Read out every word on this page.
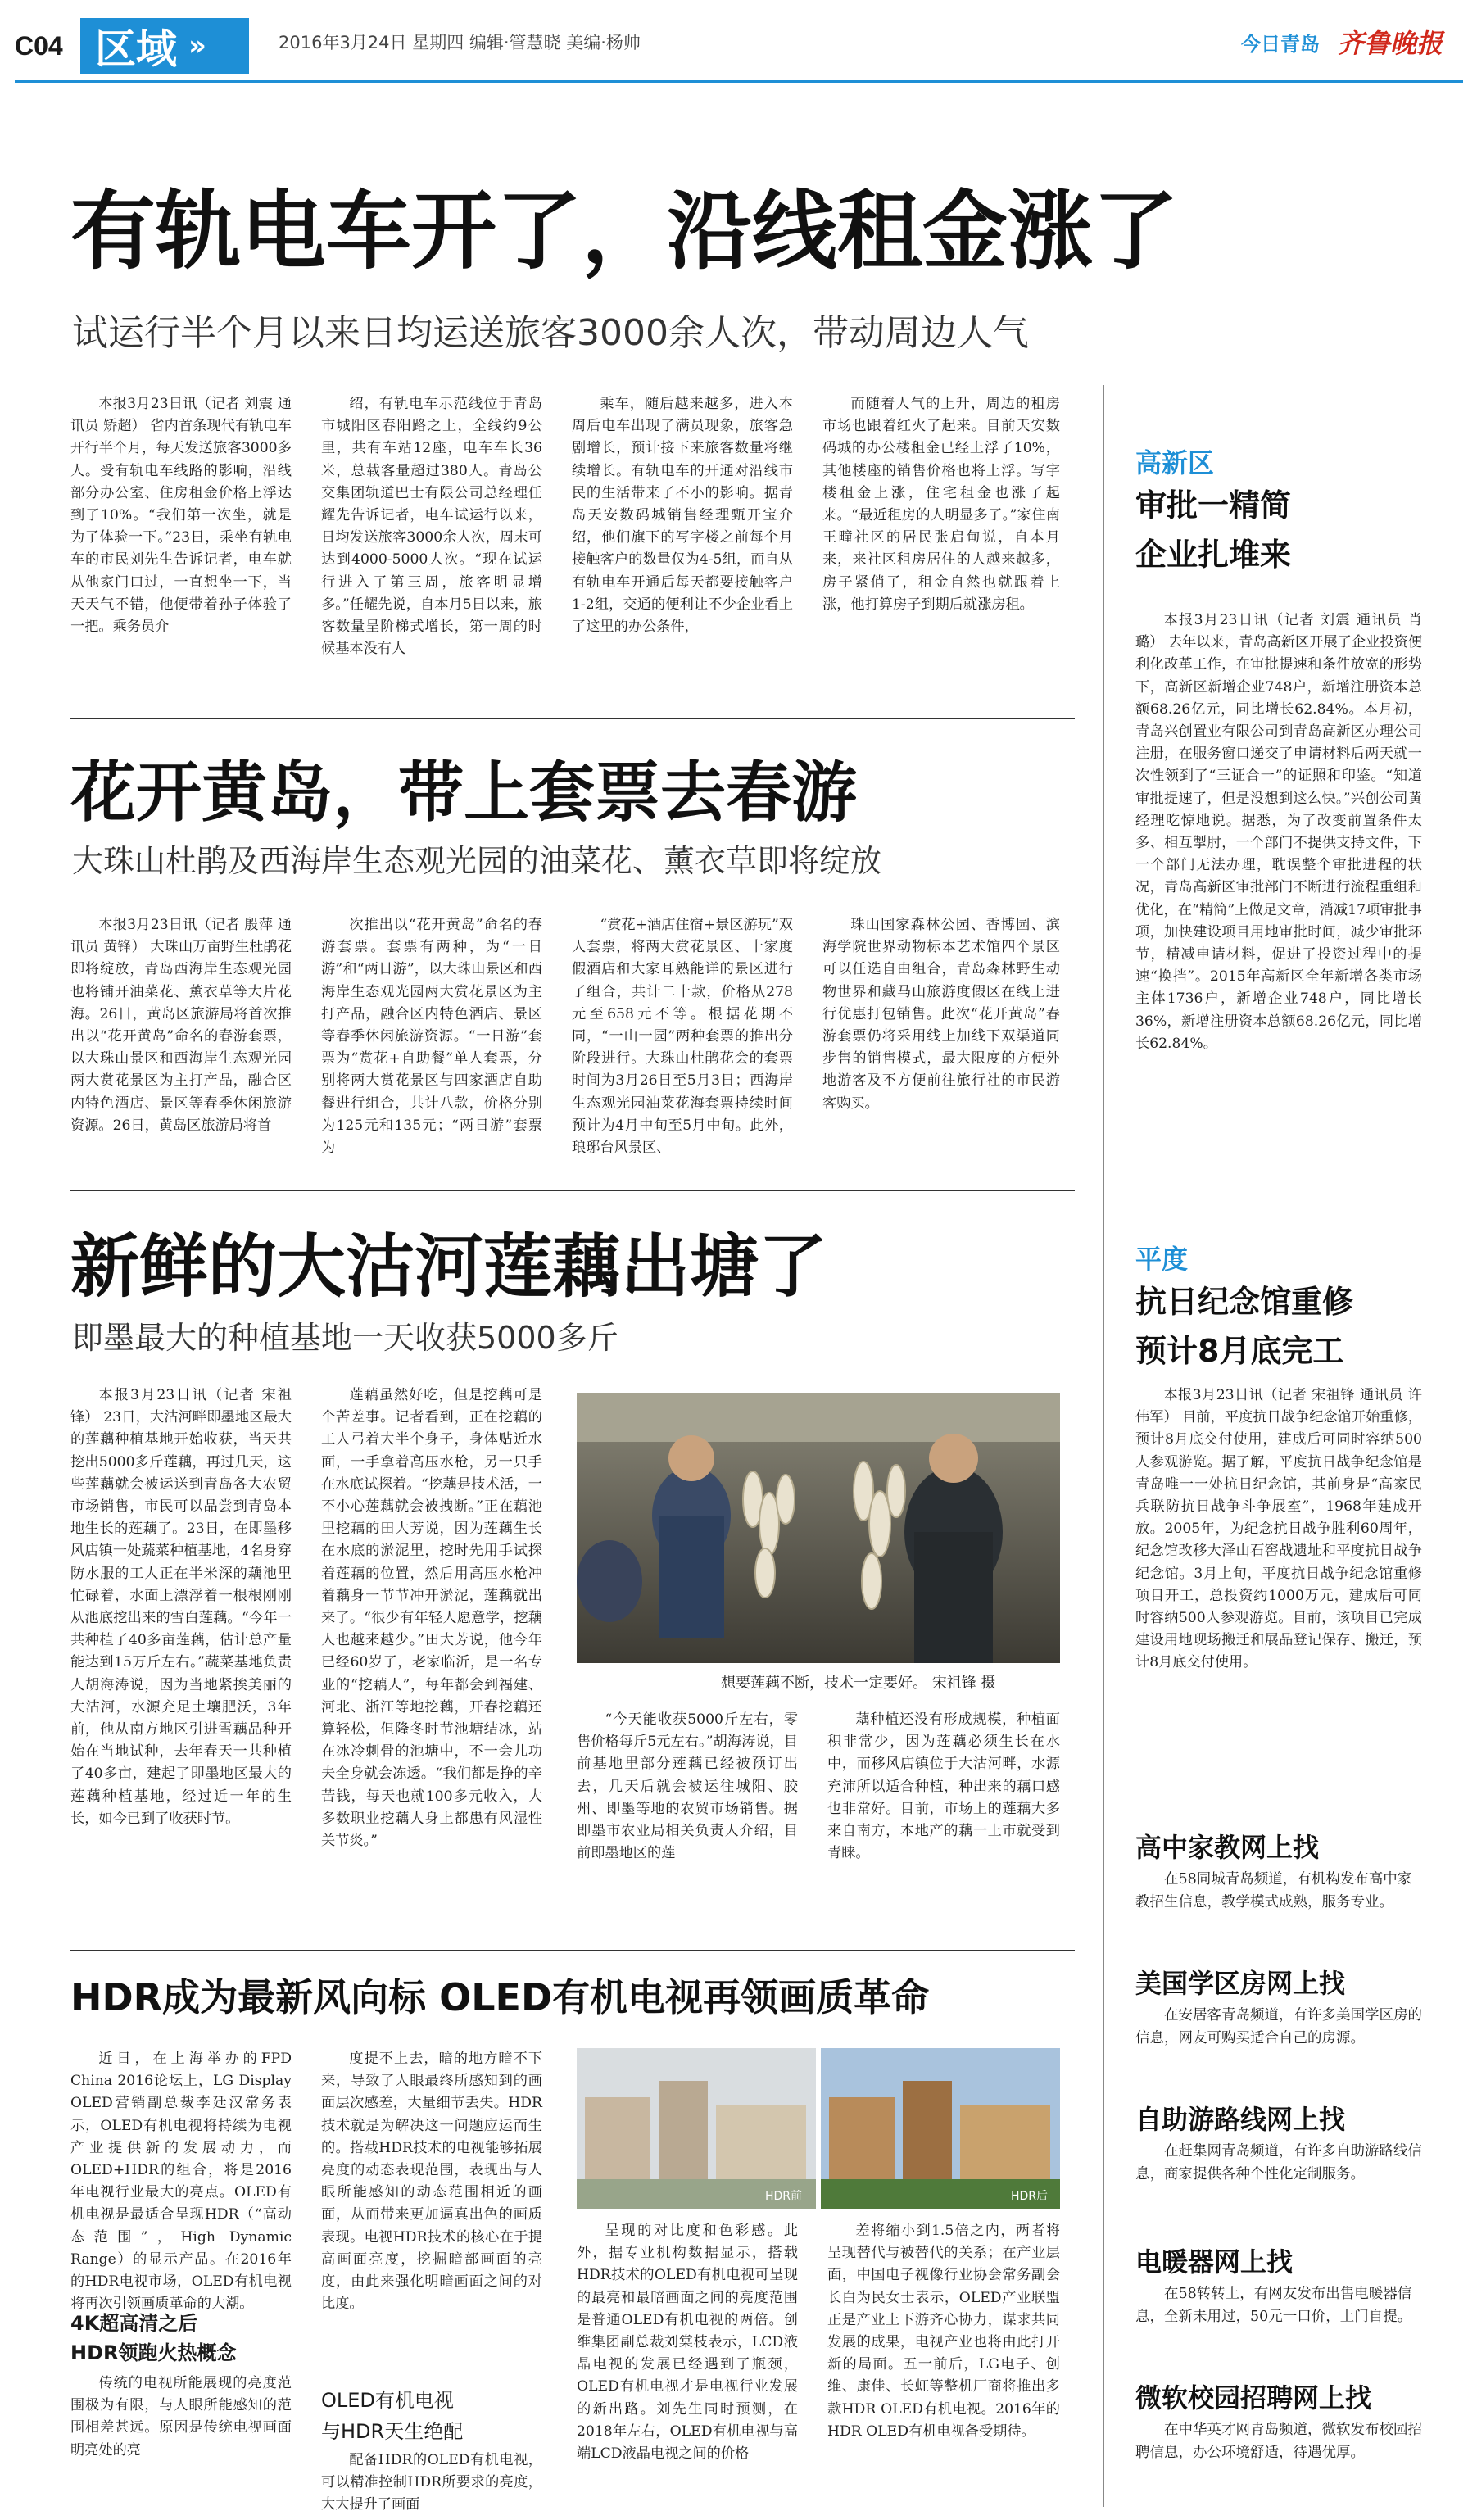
C04 区域 »	2016年3月24日 星期四 编辑·管慧晓 美编·杨帅	今日青岛 齐鲁晚报
有轨电车开了，沿线租金涨了
试运行半个月以来日均运送旅客3000余人次，带动周边人气

本报3月23日讯（记者 刘震 通讯员 矫超） 省内首条现代有轨电车开行半个月，每天发送旅客3000多人。受有轨电车线路的影响，沿线部分办公室、住房租金价格上浮达到了10%。“我们第一次坐，就是为了体验一下。”23日，乘坐有轨电车的市民刘先生告诉记者，电车就从他家门口过，一直想坐一下，当天天气不错，他便带着孙子体验了一把。乘务员介

绍，有轨电车示范线位于青岛市城阳区春阳路之上，全线约9公里，共有车站12座，电车车长36米，总载客量超过380人。青岛公交集团轨道巴士有限公司总经理任耀先告诉记者，电车试运行以来，日均发送旅客3000余人次，周末可达到4000-5000人次。“现在试运行进入了第三周，旅客明显增多。”任耀先说，自本月5日以来，旅客数量呈阶梯式增长，第一周的时候基本没有人

乘车，随后越来越多，进入本周后电车出现了满员现象，旅客急剧增长，预计接下来旅客数量将继续增长。有轨电车的开通对沿线市民的生活带来了不小的影响。据青岛天安数码城销售经理甄开宝介绍，他们旗下的写字楼之前每个月接触客户的数量仅为4-5组，而自从有轨电车开通后每天都要接触客户1-2组，交通的便利让不少企业看上了这里的办公条件，

而随着人气的上升，周边的租房市场也跟着红火了起来。目前天安数码城的办公楼租金已经上浮了10%，其他楼座的销售价格也将上浮。写字楼租金上涨，住宅租金也涨了起来。“最近租房的人明显多了。”家住南王疃社区的居民张启甸说，自本月来，来社区租房居住的人越来越多，房子紧俏了，租金自然也就跟着上涨，他打算房子到期后就涨房租。

花开黄岛，带上套票去春游
大珠山杜鹃及西海岸生态观光园的油菜花、薰衣草即将绽放

本报3月23日讯（记者 殷萍 通讯员 黄锋） 大珠山万亩野生杜鹃花即将绽放，青岛西海岸生态观光园也将铺开油菜花、薰衣草等大片花海。26日，黄岛区旅游局将首次推出以“花开黄岛”命名的春游套票，以大珠山景区和西海岸生态观光园两大赏花景区为主打产品，融合区内特色酒店、景区等春季休闲旅游资源。26日，黄岛区旅游局将首

次推出以“花开黄岛”命名的春游套票。套票有两种，为“一日游”和“两日游”，以大珠山景区和西海岸生态观光园两大赏花景区为主打产品，融合区内特色酒店、景区等春季休闲旅游资源。“一日游”套票为“赏花+自助餐”单人套票，分别将两大赏花景区与四家酒店自助餐进行组合，共计八款，价格分别为125元和135元；“两日游”套票为

“赏花+酒店住宿+景区游玩”双人套票，将两大赏花景区、十家度假酒店和大家耳熟能详的景区进行了组合，共计二十款，价格从278元至658元不等。根据花期不同，“一山一园”两种套票的推出分阶段进行。大珠山杜鹃花会的套票时间为3月26日至5月3日；西海岸生态观光园油菜花海套票持续时间预计为4月中旬至5月中旬。此外，琅琊台风景区、

珠山国家森林公园、香博园、滨海学院世界动物标本艺术馆四个景区可以任选自由组合，青岛森林野生动物世界和藏马山旅游度假区在线上进行优惠打包销售。此次“花开黄岛”春游套票仍将采用线上加线下双渠道同步售的销售模式，最大限度的方便外地游客及不方便前往旅行社的市民游客购买。

新鲜的大沽河莲藕出塘了
即墨最大的种植基地一天收获5000多斤

本报3月23日讯（记者 宋祖锋） 23日，大沽河畔即墨地区最大的莲藕种植基地开始收获，当天共挖出5000多斤莲藕，再过几天，这些莲藕就会被运送到青岛各大农贸市场销售，市民可以品尝到青岛本地生长的莲藕了。23日，在即墨移风店镇一处蔬菜种植基地，4名身穿防水服的工人正在半米深的藕池里忙碌着，水面上漂浮着一根根刚刚从池底挖出来的雪白莲藕。“今年一共种植了40多亩莲藕，估计总产量能达到15万斤左右。”蔬菜基地负责人胡海涛说，因为当地紧挨美丽的大沽河，水源充足土壤肥沃，3年前，他从南方地区引进雪藕品种开始在当地试种，去年春天一共种植了40多亩，建起了即墨地区最大的莲藕种植基地，经过近一年的生长，如今已到了收获时节。

莲藕虽然好吃，但是挖藕可是个苦差事。记者看到，正在挖藕的工人弓着大半个身子，身体贴近水面，一手拿着高压水枪，另一只手在水底试探着。“挖藕是技术活，一不小心莲藕就会被拽断。”正在藕池里挖藕的田大芳说，因为莲藕生长在水底的淤泥里，挖时先用手试探着莲藕的位置，然后用高压水枪冲着藕身一节节冲开淤泥，莲藕就出来了。“很少有年轻人愿意学，挖藕人也越来越少。”田大芳说，他今年已经60岁了，老家临沂，是一名专业的“挖藕人”，每年都会到福建、河北、浙江等地挖藕，开春挖藕还算轻松，但隆冬时节池塘结冰，站在冰冷刺骨的池塘中，不一会儿功夫全身就会冻透。“我们都是挣的辛苦钱，每天也就100多元收入，大多数职业挖藕人身上都患有风湿性关节炎。”

想要莲藕不断，技术一定要好。 宋祖锋 摄

“今天能收获5000斤左右，零售价格每斤5元左右。”胡海涛说，目前基地里部分莲藕已经被预订出去，几天后就会被运往城阳、胶州、即墨等地的农贸市场销售。据即墨市农业局相关负责人介绍，目前即墨地区的莲

藕种植还没有形成规模，种植面积非常少，因为莲藕必须生长在水中，而移风店镇位于大沽河畔，水源充沛所以适合种植，种出来的藕口感也非常好。目前，市场上的莲藕大多来自南方，本地产的藕一上市就受到青睐。

HDR成为最新风向标 OLED有机电视再领画质革命

近日，在上海举办的FPD China 2016论坛上，LG Display OLED营销副总裁李廷汉常务表示，OLED有机电视将持续为电视产业提供新的发展动力，而OLED+HDR的组合，将是2016年电视行业最大的亮点。OLED有机电视是最适合呈现HDR（“高动态范围”，High Dynamic Range）的显示产品。在2016年的HDR电视市场，OLED有机电视将再次引领画质革命的大潮。

4K超高清之后
HDR领跑火热概念

传统的电视所能展现的亮度范围极为有限，与人眼所能感知的范围相差甚远。原因是传统电视画面明亮处的亮

度提不上去，暗的地方暗不下来，导致了人眼最终所感知到的画面层次感差，大量细节丢失。HDR技术就是为解决这一问题应运而生的。搭载HDR技术的电视能够拓展亮度的动态表现范围，表现出与人眼所能感知的动态范围相近的画面，从而带来更加逼真出色的画质表现。电视HDR技术的核心在于提高画面亮度，挖掘暗部画面的亮度，由此来强化明暗画面之间的对比度。

OLED有机电视
与HDR天生绝配

配备HDR的OLED有机电视，可以精准控制HDR所要求的亮度，大大提升了画面

HDR前	HDR后

呈现的对比度和色彩感。此外，据专业机构数据显示，搭载HDR技术的OLED有机电视可呈现的最亮和最暗画面之间的亮度范围是普通OLED有机电视的两倍。创维集团副总裁刘棠枝表示，LCD液晶电视的发展已经遇到了瓶颈，OLED有机电视才是电视行业发展的新出路。刘先生同时预测，在2018年左右，OLED有机电视与高端LCD液晶电视之间的价格

差将缩小到1.5倍之内，两者将呈现替代与被替代的关系；在产业层面，中国电子视像行业协会常务副会长白为民女士表示，OLED产业联盟正是产业上下游齐心协力，谋求共同发展的成果，电视产业也将由此打开新的局面。五一前后，LG电子、创维、康佳、长虹等整机厂商将推出多款HDR OLED有机电视。2016年的HDR OLED有机电视备受期待。

高新区
审批一精简
企业扎堆来

本报3月23日讯（记者 刘震 通讯员 肖璐） 去年以来，青岛高新区开展了企业投资便利化改革工作，在审批提速和条件放宽的形势下，高新区新增企业748户，新增注册资本总额68.26亿元，同比增长62.84%。本月初，青岛兴创置业有限公司到青岛高新区办理公司注册，在服务窗口递交了申请材料后两天就一次性领到了“三证合一”的证照和印鉴。“知道审批提速了，但是没想到这么快。”兴创公司黄经理吃惊地说。据悉，为了改变前置条件太多、相互掣肘，一个部门不提供支持文件，下一个部门无法办理，耽误整个审批进程的状况，青岛高新区审批部门不断进行流程重组和优化，在“精简”上做足文章，消减17项审批事项，加快建设项目用地审批时间，减少审批环节，精减申请材料，促进了投资过程中的提速“换挡”。2015年高新区全年新增各类市场主体1736户，新增企业748户，同比增长36%，新增注册资本总额68.26亿元，同比增长62.84%。

平度
抗日纪念馆重修
预计8月底完工

本报3月23日讯（记者 宋祖锋 通讯员 许伟军） 目前，平度抗日战争纪念馆开始重修，预计8月底交付使用，建成后可同时容纳500人参观游览。据了解，平度抗日战争纪念馆是青岛唯一一处抗日纪念馆，其前身是“高家民兵联防抗日战争斗争展室”，1968年建成开放。2005年，为纪念抗日战争胜利60周年，纪念馆改移大泽山石窖战遗址和平度抗日战争纪念馆。3月上旬，平度抗日战争纪念馆重修项目开工，总投资约1000万元，建成后可同时容纳500人参观游览。目前，该项目已完成建设用地现场搬迁和展品登记保存、搬迁，预计8月底交付使用。

高中家教网上找
在58同城青岛频道，有机构发布高中家教招生信息，教学模式成熟，服务专业。
美国学区房网上找
在安居客青岛频道，有许多美国学区房的信息，网友可购买适合自己的房源。
自助游路线网上找
在赶集网青岛频道，有许多自助游路线信息，商家提供各种个性化定制服务。
电暖器网上找
在58转转上，有网友发布出售电暖器信息，全新未用过，50元一口价，上门自提。
微软校园招聘网上找
在中华英才网青岛频道，微软发布校园招聘信息，办公环境舒适，待遇优厚。
